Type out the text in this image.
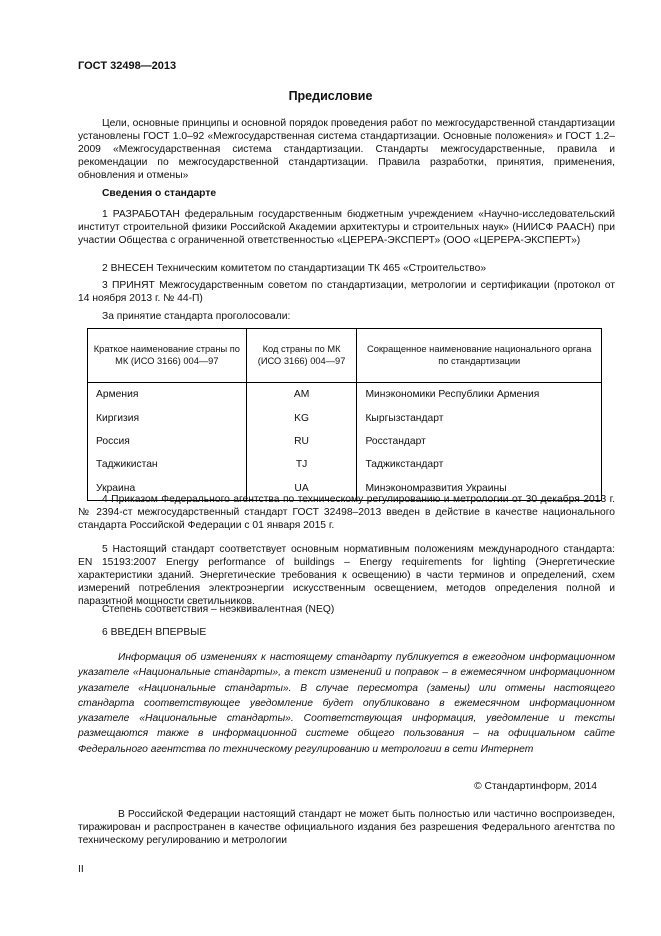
ГОСТ 32498—2013
Предисловие
Цели, основные принципы и основной порядок проведения работ по межгосударственной стандартизации установлены ГОСТ 1.0–92 «Межгосударственная система стандартизации. Основные положения» и ГОСТ 1.2–2009 «Межгосударственная система стандартизации. Стандарты межгосударственные, правила и рекомендации по межгосударственной стандартизации. Правила разработки, принятия, применения, обновления и отмены»
Сведения о стандарте
1 РАЗРАБОТАН федеральным государственным бюджетным учреждением «Научно-исследовательский институт строительной физики Российской Академии архитектуры и строительных наук» (НИИСФ РААСН) при участии Общества с ограниченной ответственностью «ЦЕРЕРА-ЭКСПЕРТ» (ООО «ЦЕРЕРА-ЭКСПЕРТ»)
2 ВНЕСЕН Техническим комитетом по стандартизации ТК 465 «Строительство»
3 ПРИНЯТ Межгосударственным советом по стандартизации, метрологии и сертификации (протокол от 14 ноября 2013 г. № 44-П)
За принятие стандарта проголосовали:
Краткое наименование страны по МК (ИСО 3166) 004—97	Код страны по МК (ИСО 3166) 004—97	Сокращенное наименование национального органа по стандартизации
Армения	AM	Минэкономики Республики Армения
Киргизия	KG	Кыргызстандарт
Россия	RU	Росстандарт
Таджикистан	TJ	Таджикстандарт
Украина	UA	Минэкономразвития Украины
4 Приказом Федерального агентства по техническому регулированию и метрологии от 30 декабря 2013 г. № 2394-ст межгосударственный стандарт ГОСТ 32498–2013 введен в действие в качестве национального стандарта Российской Федерации с 01 января 2015 г.
5 Настоящий стандарт соответствует основным нормативным положениям международного стандарта: EN 15193:2007 Energy performance of buildings – Energy requirements for lighting (Энергетические характеристики зданий. Энергетические требования к освещению) в части терминов и определений, схем измерений потребления электроэнергии искусственным освещением, методов определения полной и паразитной мощности светильников.
Степень соответствия – неэквивалентная (NEQ)
6 ВВЕДЕН ВПЕРВЫЕ
Информация об изменениях к настоящему стандарту публикуется в ежегодном информационном указателе «Национальные стандарты», а текст изменений и поправок – в ежемесячном информационном указателе «Национальные стандарты». В случае пересмотра (замены) или отмены настоящего стандарта соответствующее уведомление будет опубликовано в ежемесячном информационном указателе «Национальные стандарты». Соответствующая информация, уведомление и тексты размещаются также в информационной системе общего пользования – на официальном сайте Федерального агентства по техническому регулированию и метрологии в сети Интернет
© Стандартинформ, 2014
В Российской Федерации настоящий стандарт не может быть полностью или частично воспроизведен, тиражирован и распространен в качестве официального издания без разрешения Федерального агентства по техническому регулированию и метрологии
II
